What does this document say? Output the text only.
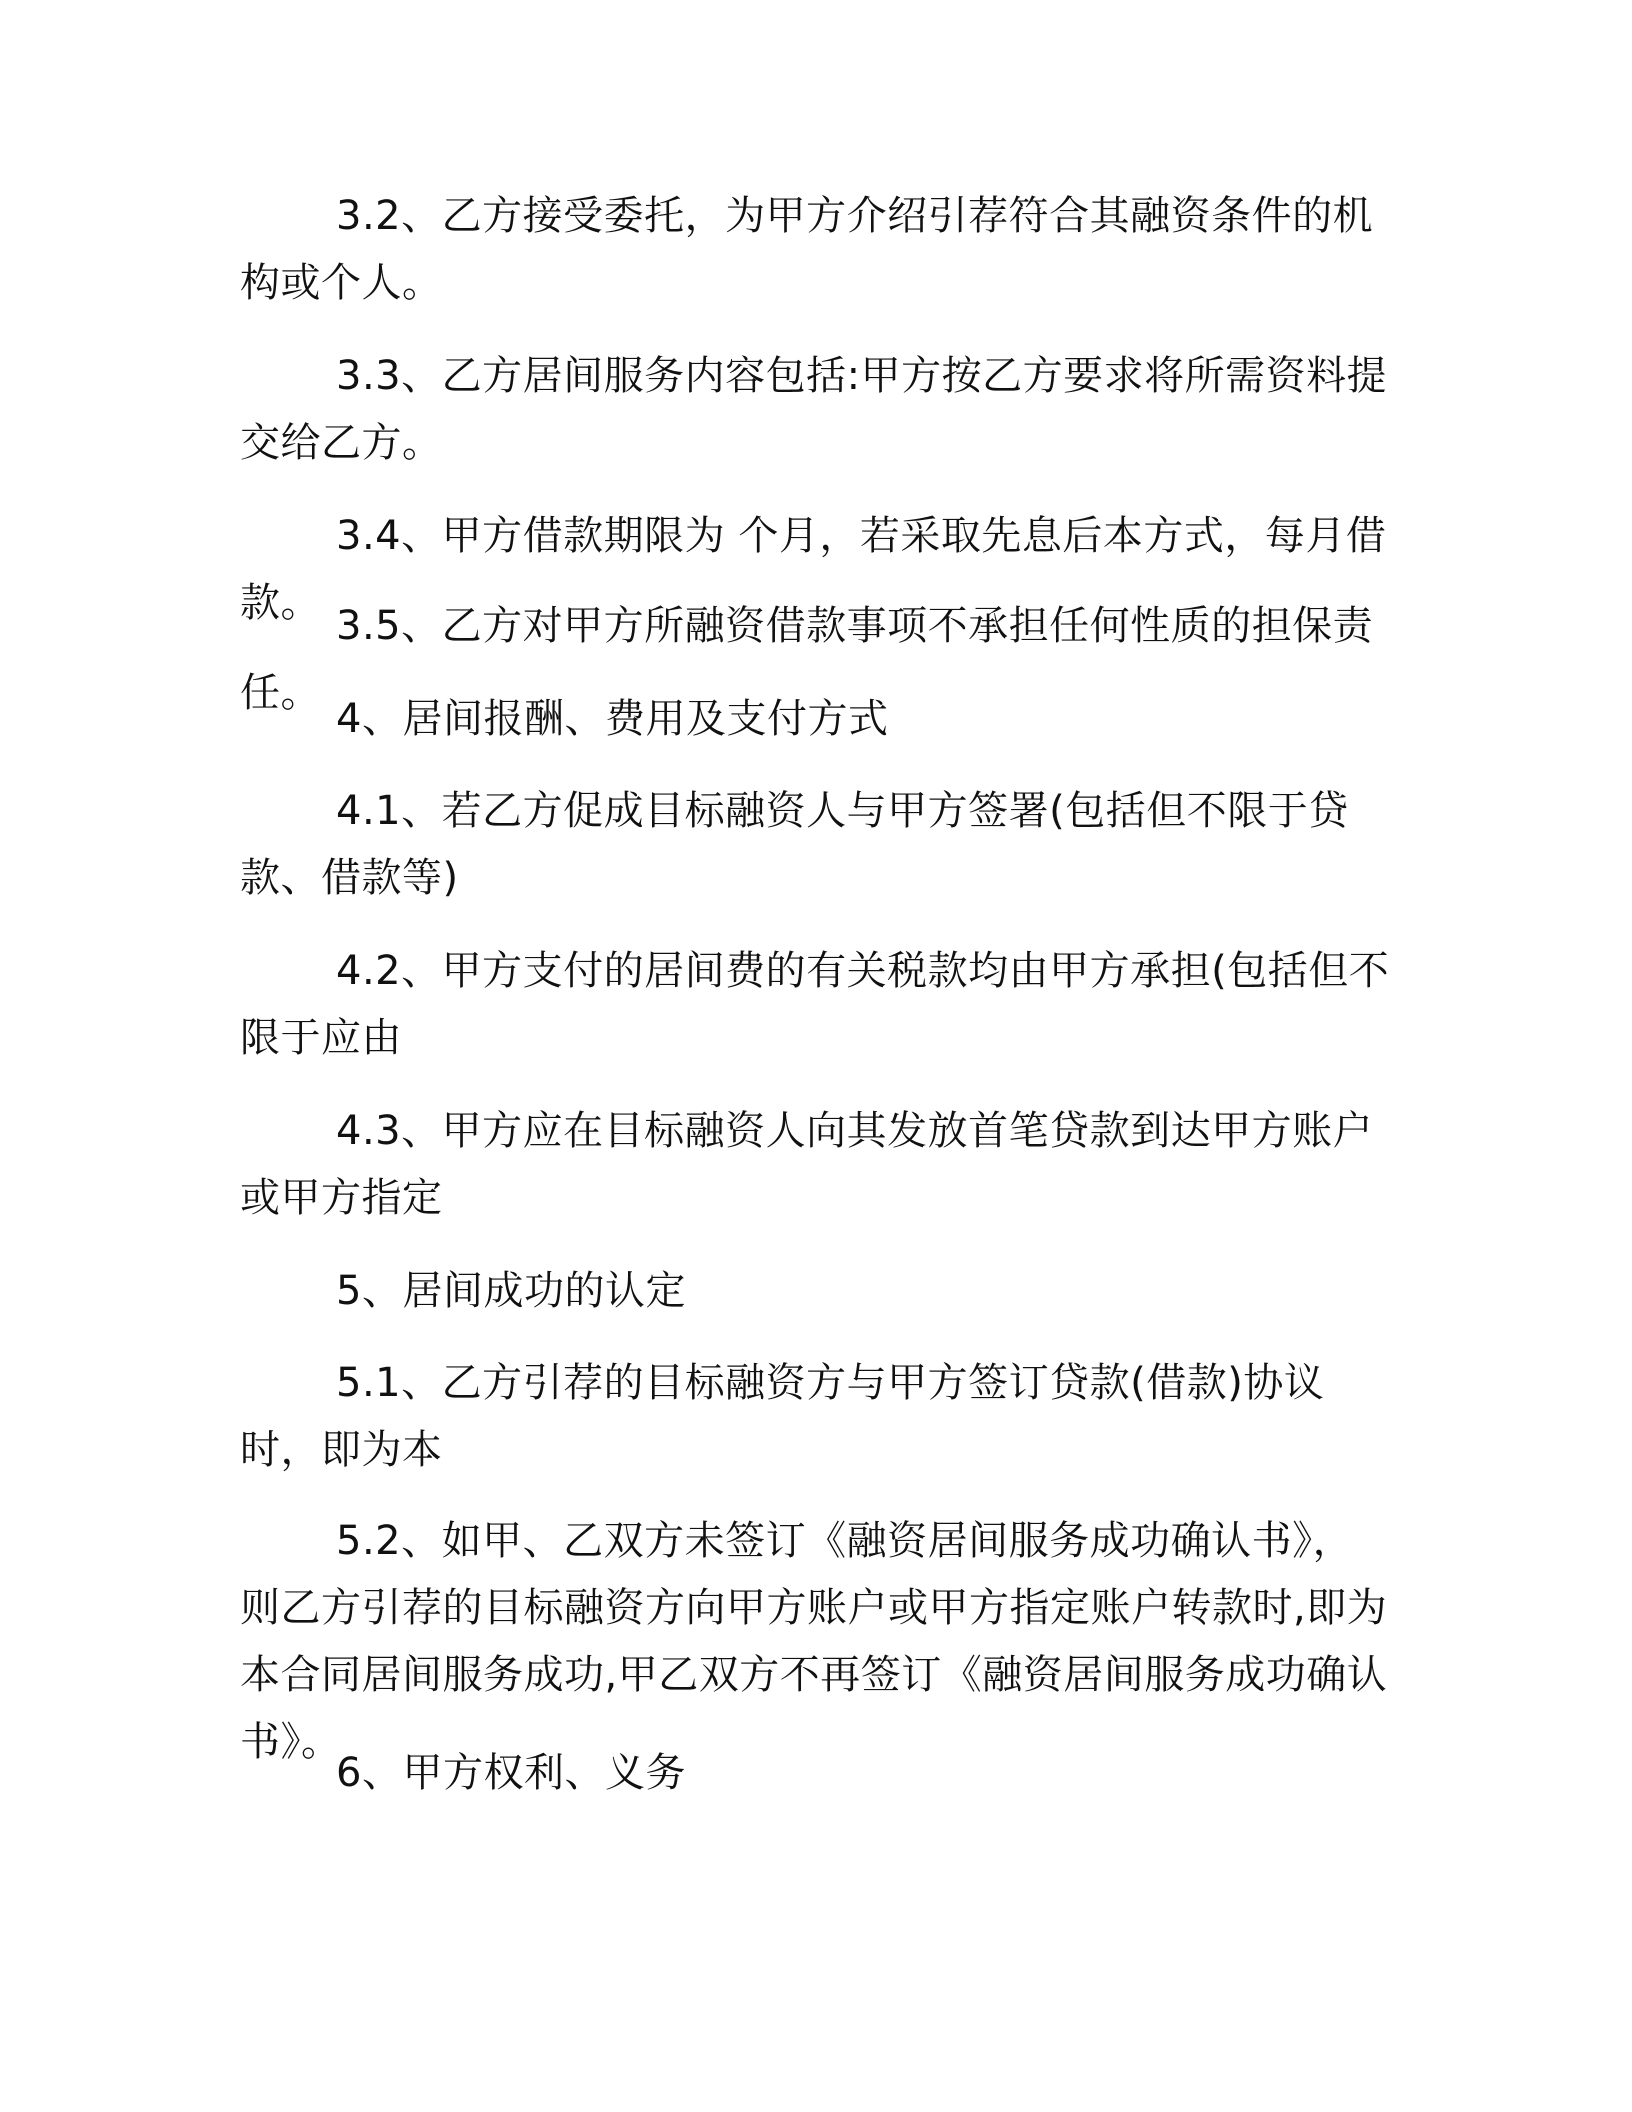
3.2、乙方接受委托，为甲方介绍引荐符合其融资条件的机构或个人。

3.3、乙方居间服务内容包括:甲方按乙方要求将所需资料提交给乙方。

3.4、甲方借款期限为 个月，若采取先息后本方式，每月借款。 3.5、乙方对甲方所融资借款事项不承担任何性质的担保责任。

4、居间报酬、费用及支付方式

4.1、若乙方促成目标融资人与甲方签署(包括但不限于贷款、借款等)

4.2、甲方支付的居间费的有关税款均由甲方承担(包括但不限于应由

4.3、甲方应在目标融资人向其发放首笔贷款到达甲方账户或甲方指定

5、居间成功的认定

5.1、乙方引荐的目标融资方与甲方签订贷款(借款)协议时，即为本

5.2、如甲、乙双方未签订《融资居间服务成功确认书》，则乙方引荐的目标融资方向甲方账户或甲方指定账户转款时,即为本合同居间服务成功,甲乙双方不再签订《融资居间服务成功确认书》。

6、甲方权利、义务
